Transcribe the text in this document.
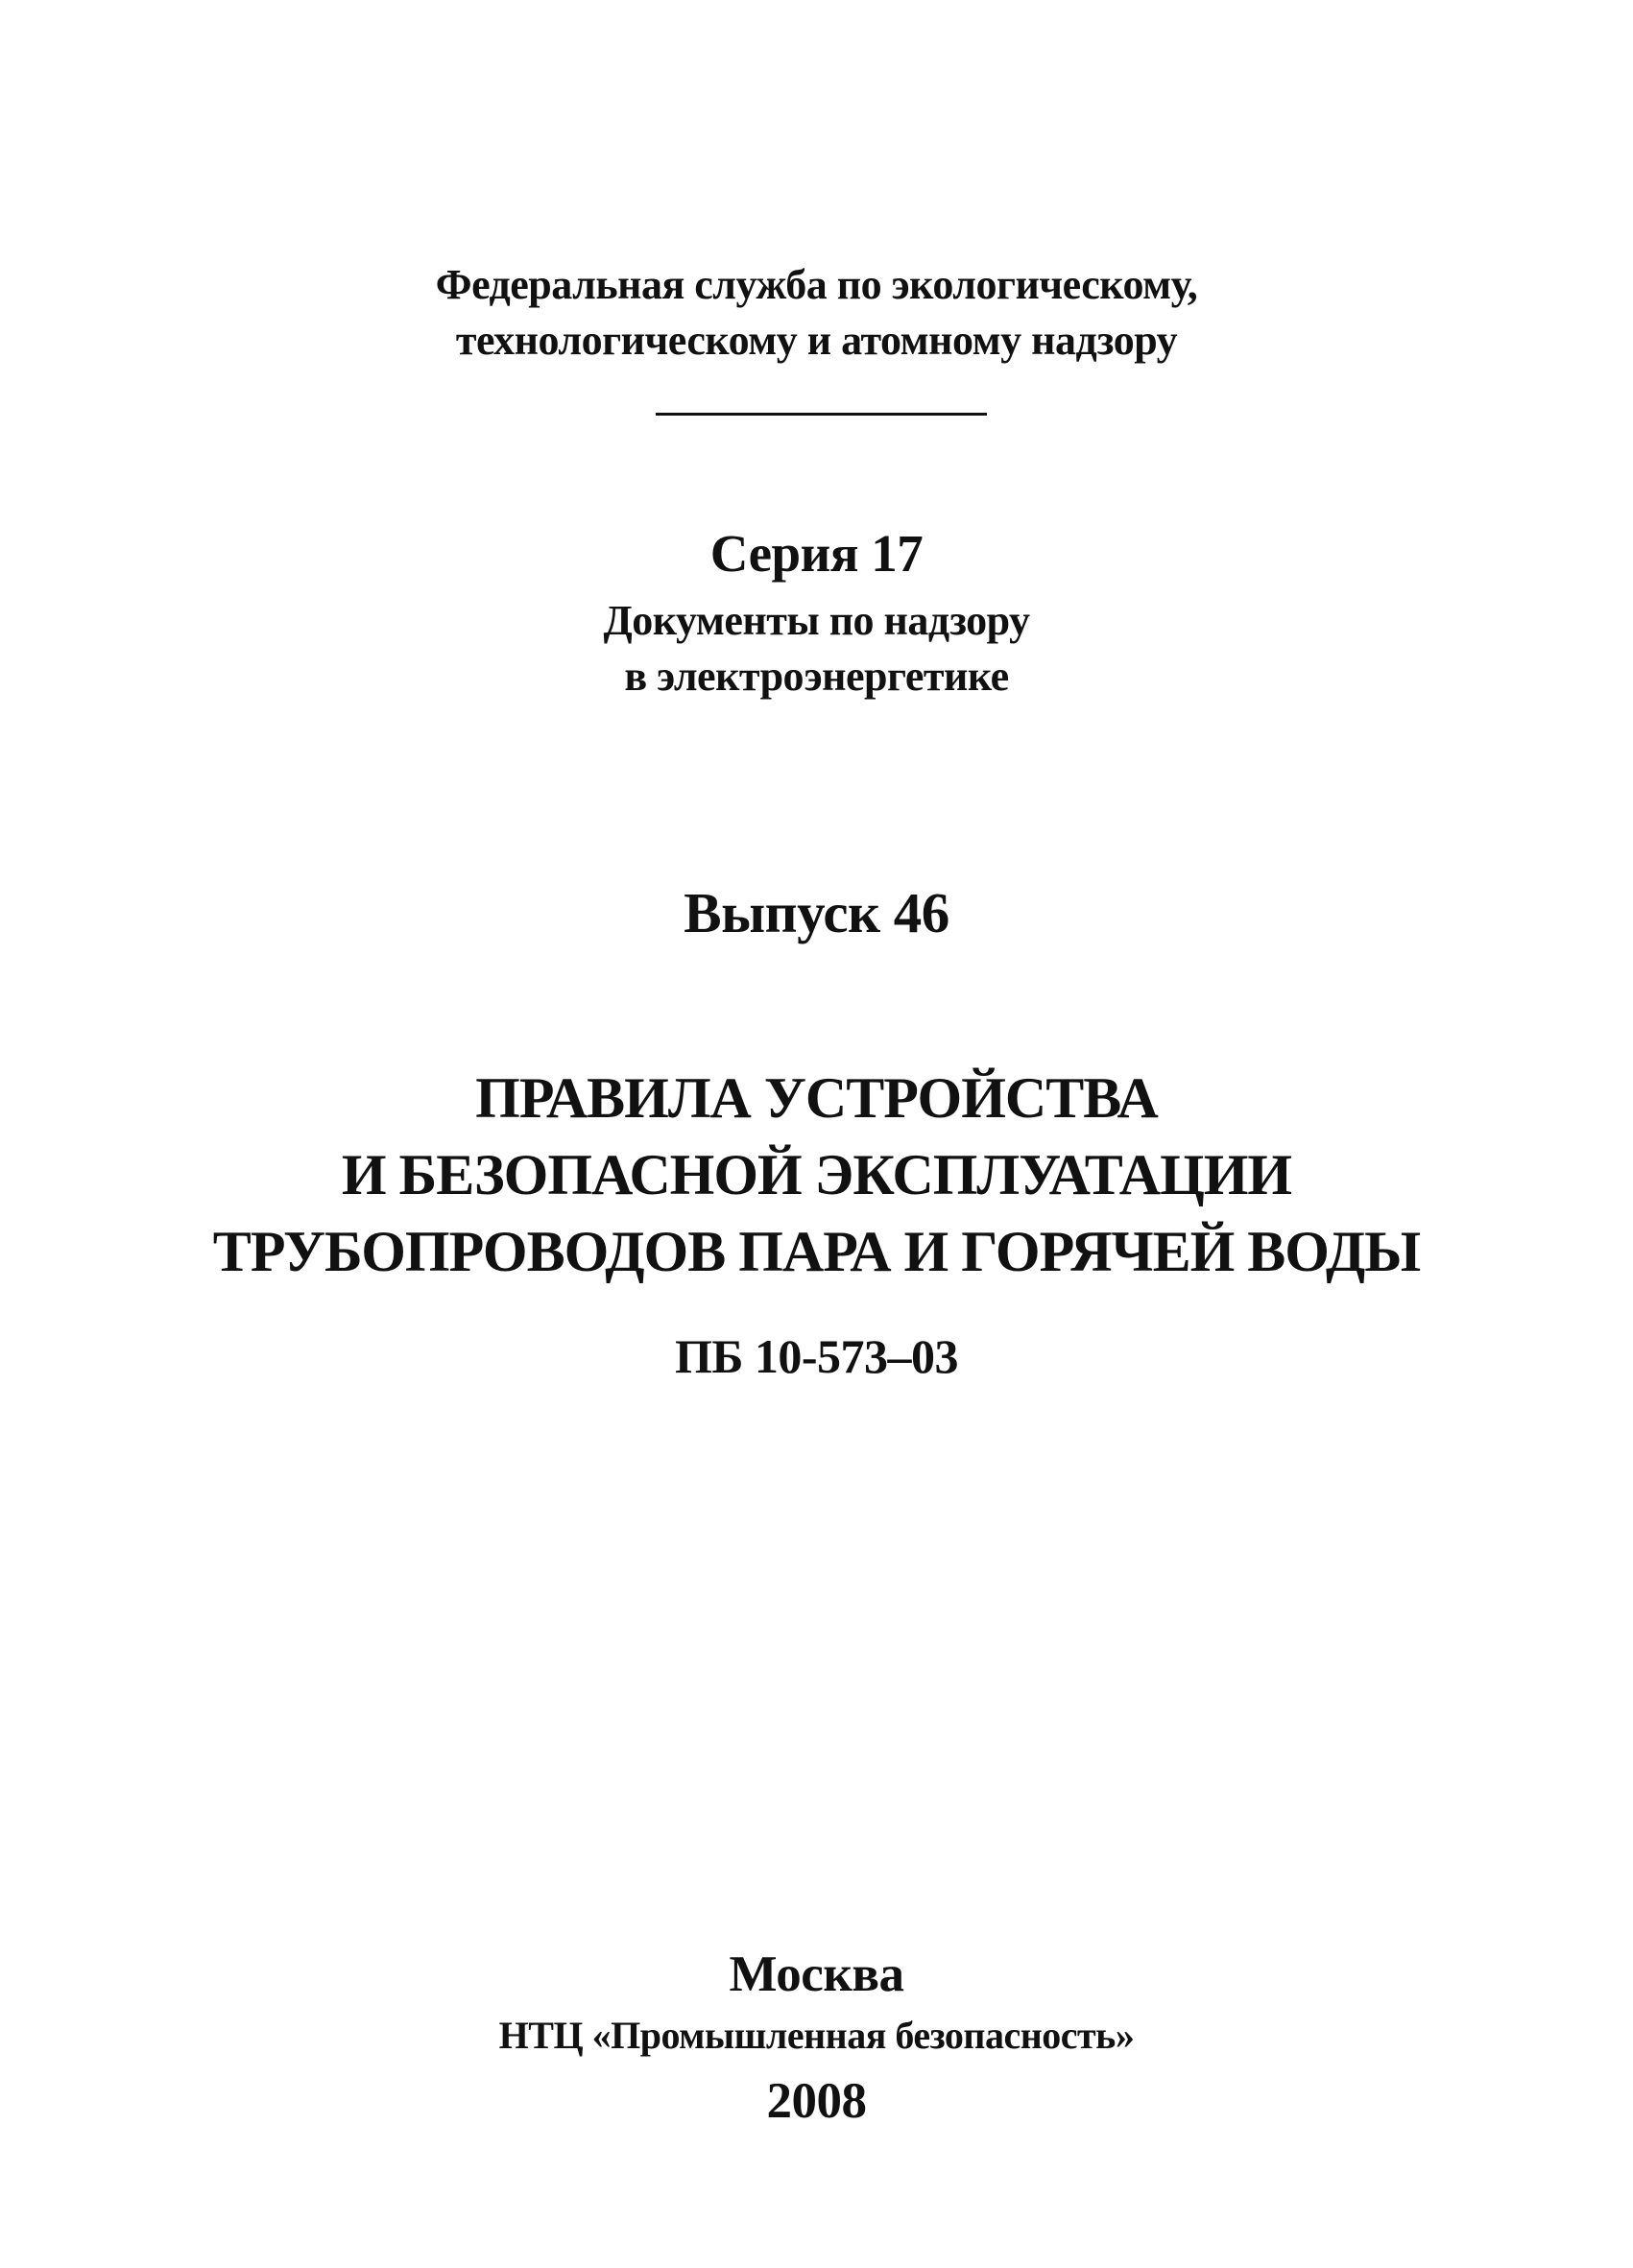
Федеральная служба по экологическому,
технологическому и атомному надзору
Серия 17
Документы по надзору
в электроэнергетике
Выпуск 46
ПРАВИЛА УСТРОЙСТВА
И БЕЗОПАСНОЙ ЭКСПЛУАТАЦИИ
ТРУБОПРОВОДОВ ПАРА И ГОРЯЧЕЙ ВОДЫ
ПБ 10-573–03
Москва
НТЦ «Промышленная безопасность»
2008
